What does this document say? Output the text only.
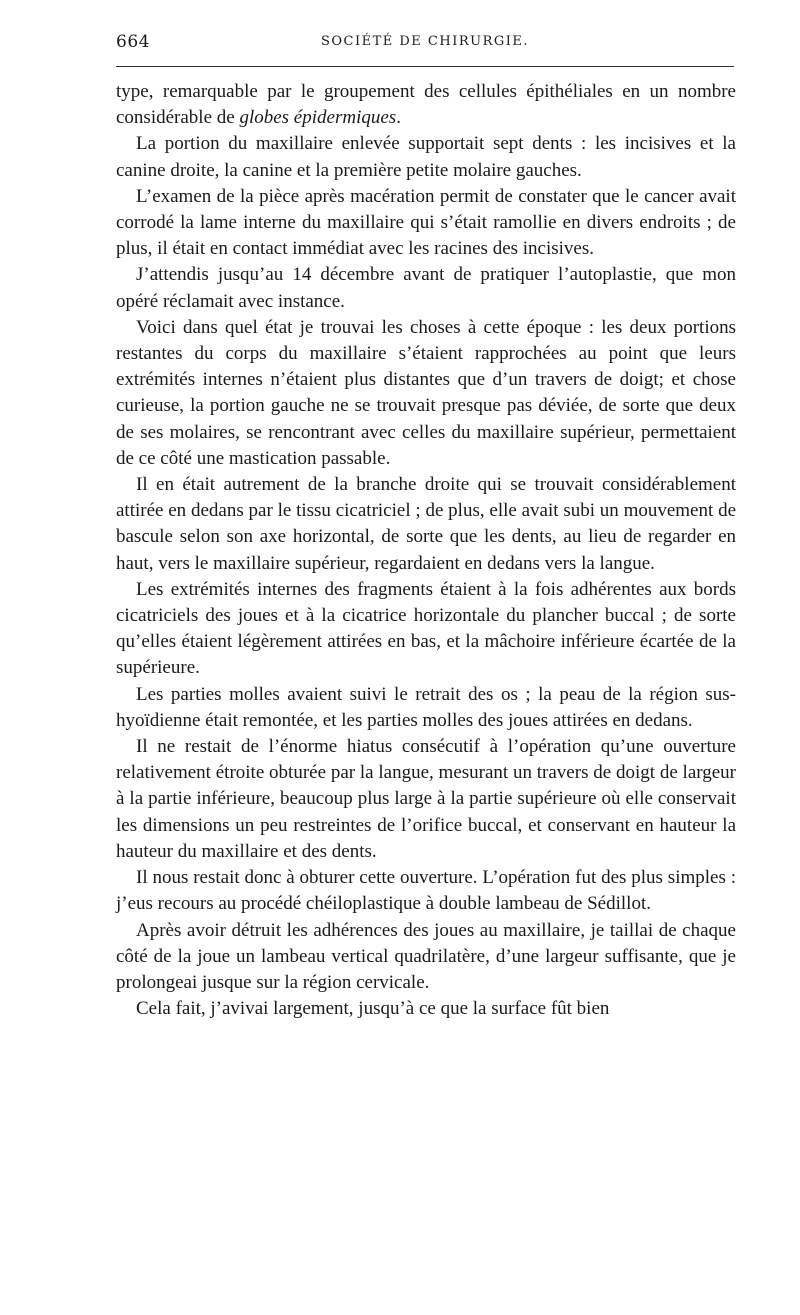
664	SOCIÉTÉ DE CHIRURGIE.

type, remarquable par le groupement des cellules épithéliales en un nombre considérable de globes épidermiques.

La portion du maxillaire enlevée supportait sept dents : les incisives et la canine droite, la canine et la première petite molaire gauches.

L’examen de la pièce après macération permit de constater que le cancer avait corrodé la lame interne du maxillaire qui s’était ramollie en divers endroits ; de plus, il était en contact immédiat avec les racines des incisives.

J’attendis jusqu’au 14 décembre avant de pratiquer l’autoplastie, que mon opéré réclamait avec instance.

Voici dans quel état je trouvai les choses à cette époque : les deux portions restantes du corps du maxillaire s’étaient rapprochées au point que leurs extrémités internes n’étaient plus distantes que d’un travers de doigt; et chose curieuse, la portion gauche ne se trouvait presque pas déviée, de sorte que deux de ses molaires, se rencontrant avec celles du maxillaire supérieur, permettaient de ce côté une mastication passable.

Il en était autrement de la branche droite qui se trouvait considérablement attirée en dedans par le tissu cicatriciel ; de plus, elle avait subi un mouvement de bascule selon son axe horizontal, de sorte que les dents, au lieu de regarder en haut, vers le maxillaire supérieur, regardaient en dedans vers la langue.

Les extrémités internes des fragments étaient à la fois adhérentes aux bords cicatriciels des joues et à la cicatrice horizontale du plancher buccal ; de sorte qu’elles étaient légèrement attirées en bas, et la mâchoire inférieure écartée de la supérieure.

Les parties molles avaient suivi le retrait des os ; la peau de la région sus-hyoïdienne était remontée, et les parties molles des joues attirées en dedans.

Il ne restait de l’énorme hiatus consécutif à l’opération qu’une ouverture relativement étroite obturée par la langue, mesurant un travers de doigt de largeur à la partie inférieure, beaucoup plus large à la partie supérieure où elle conservait les dimensions un peu restreintes de l’orifice buccal, et conservant en hauteur la hauteur du maxillaire et des dents.

Il nous restait donc à obturer cette ouverture. L’opération fut des plus simples : j’eus recours au procédé chéiloplastique à double lambeau de Sédillot.

Après avoir détruit les adhérences des joues au maxillaire, je taillai de chaque côté de la joue un lambeau vertical quadrilatère, d’une largeur suffisante, que je prolongeai jusque sur la région cervicale.

Cela fait, j’avivai largement, jusqu’à ce que la surface fût bien
